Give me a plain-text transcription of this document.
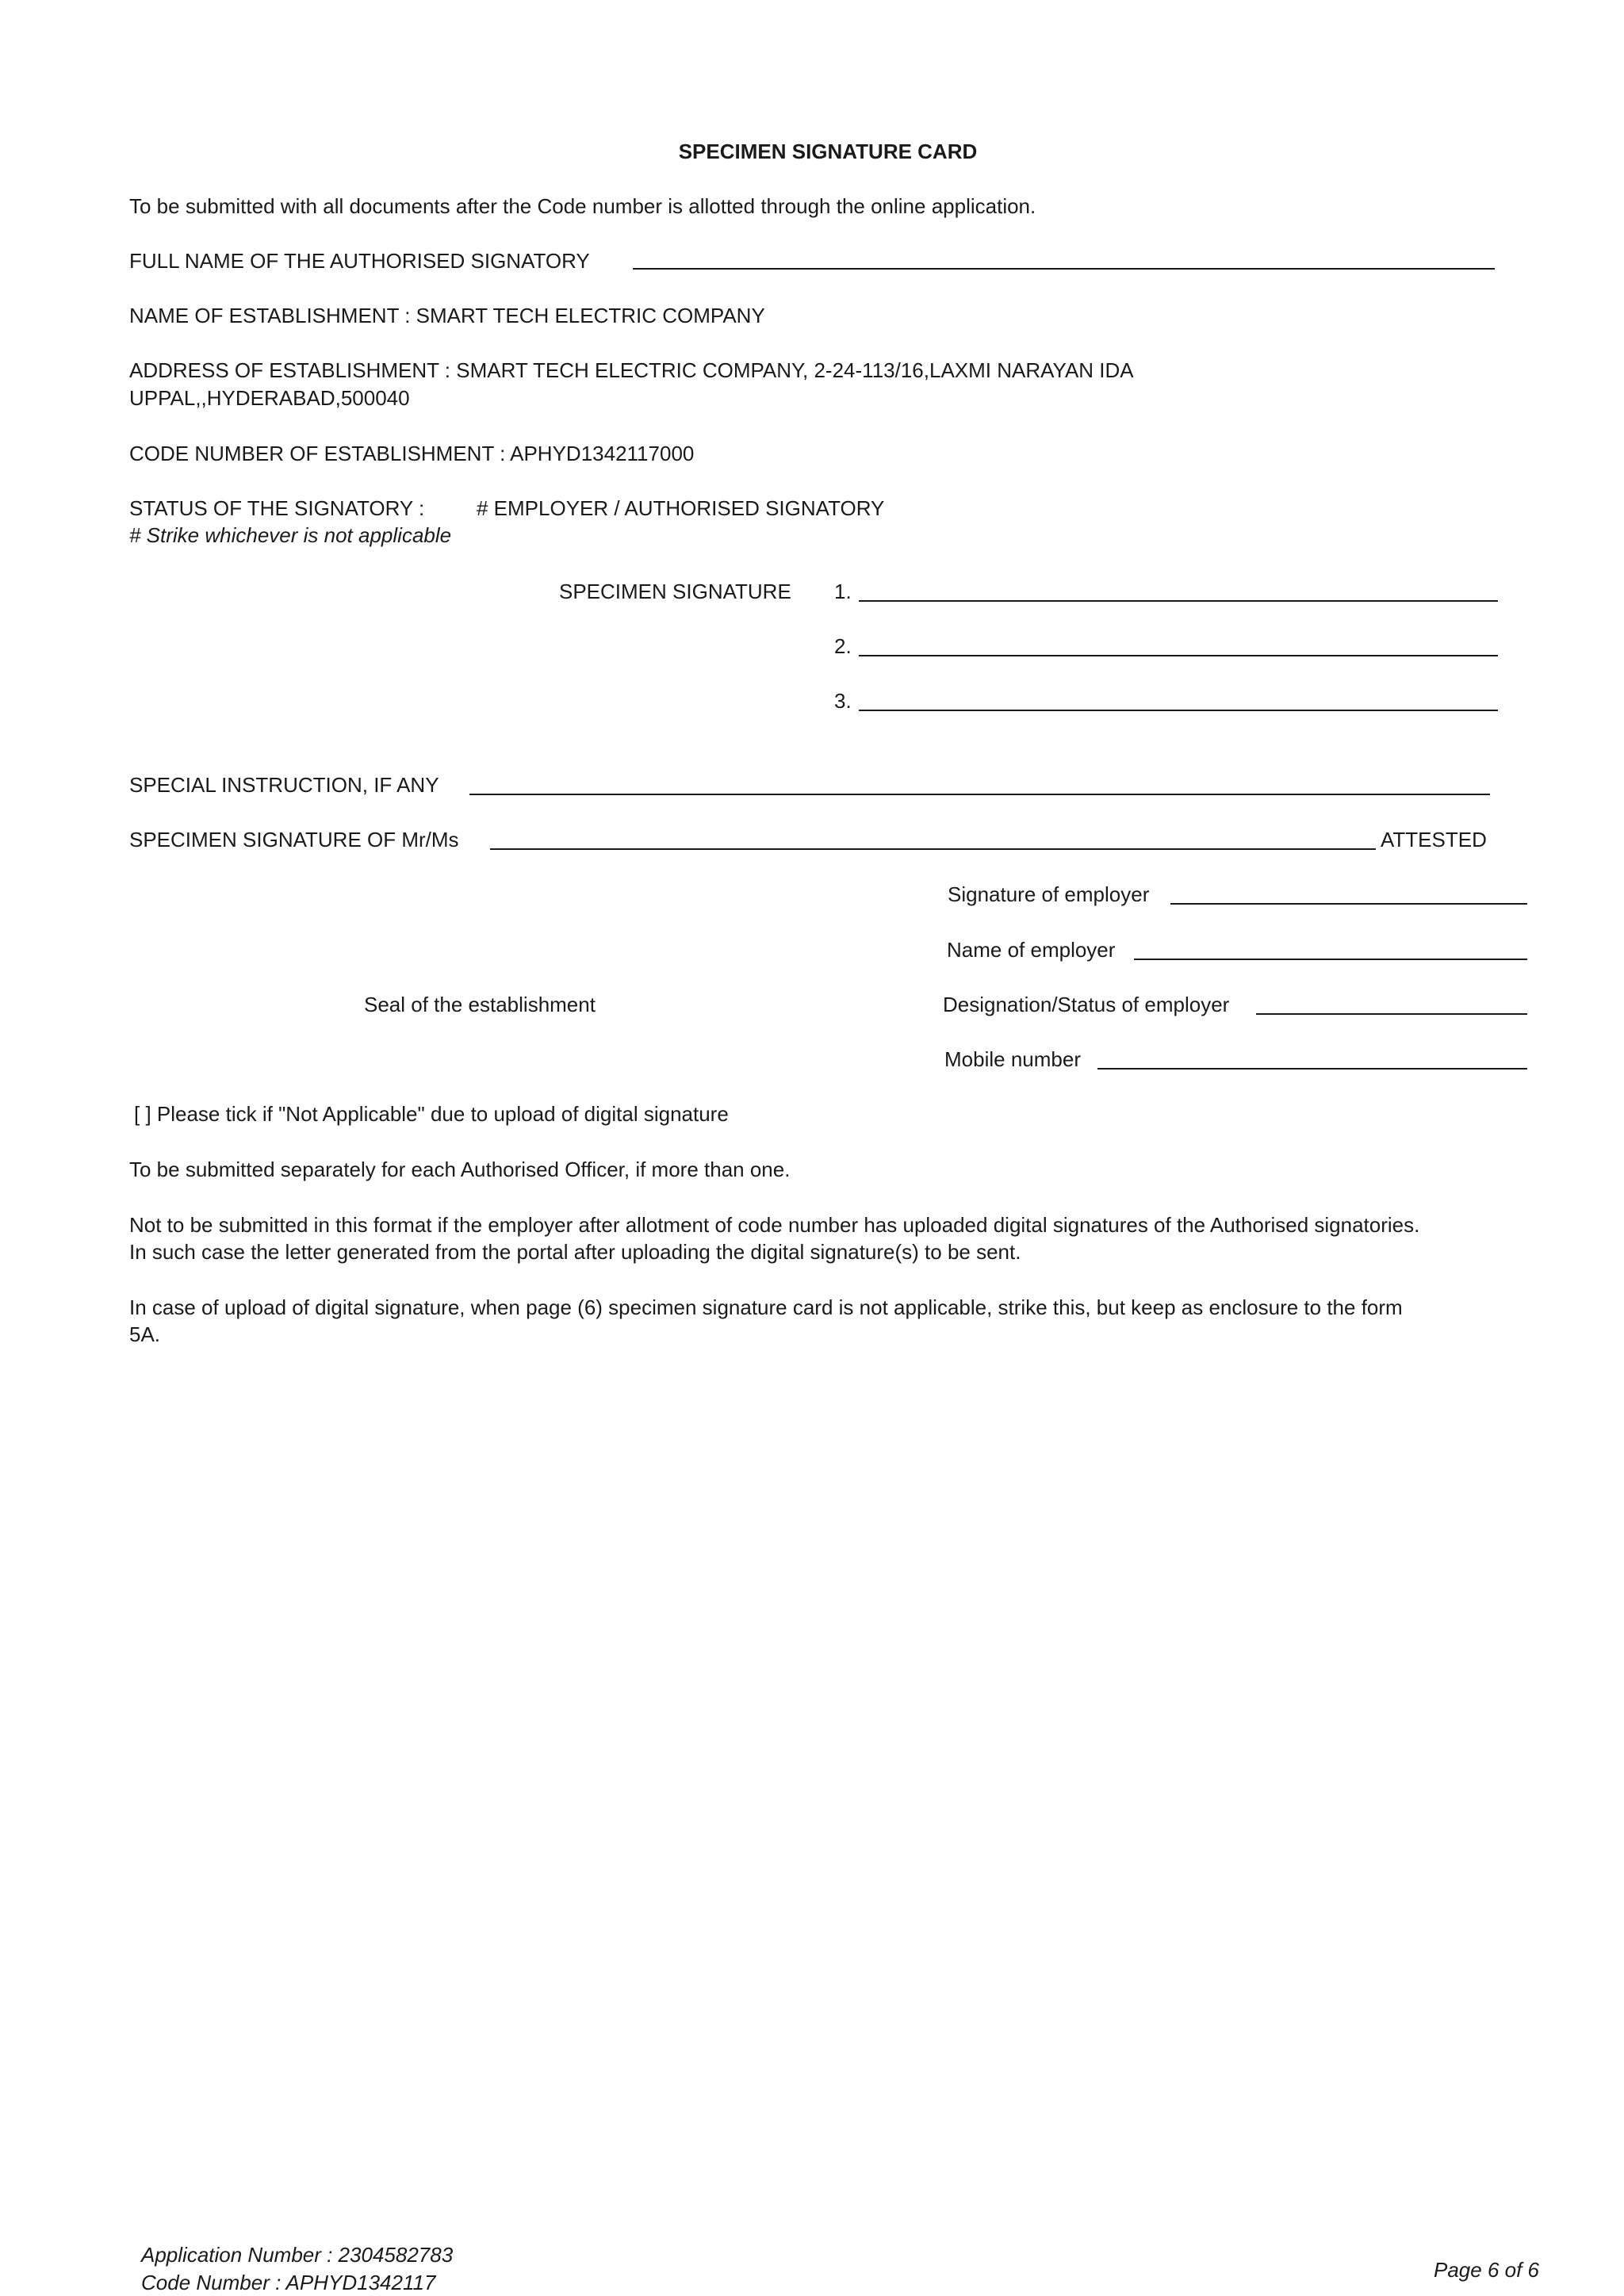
SPECIMEN SIGNATURE CARD
To be submitted with all documents after the Code number is allotted through the online application.
FULL NAME OF THE AUTHORISED SIGNATORY
NAME OF ESTABLISHMENT : SMART TECH ELECTRIC COMPANY
ADDRESS OF ESTABLISHMENT : SMART TECH ELECTRIC COMPANY, 2-24-113/16,LAXMI NARAYAN IDA
UPPAL,,HYDERABAD,500040
CODE NUMBER OF ESTABLISHMENT : APHYD1342117000
STATUS OF THE SIGNATORY :	# EMPLOYER / AUTHORISED SIGNATORY
# Strike whichever is not applicable
SPECIMEN SIGNATURE 1.
2.
3.
SPECIAL INSTRUCTION, IF ANY
SPECIMEN SIGNATURE OF Mr/Ms	ATTESTED
Signature of employer
Name of employer
Seal of the establishment	Designation/Status of employer
Mobile number
[ ] Please tick if "Not Applicable" due to upload of digital signature
To be submitted separately for each Authorised Officer, if more than one.
Not to be submitted in this format if the employer after allotment of code number has uploaded digital signatures of the Authorised signatories.
In such case the letter generated from the portal after uploading the digital signature(s) to be sent.
In case of upload of digital signature, when page (6) specimen signature card is not applicable, strike this, but keep as enclosure to the form
5A.
Application Number : 2304582783
Code Number : APHYD1342117
Page 6 of 6
